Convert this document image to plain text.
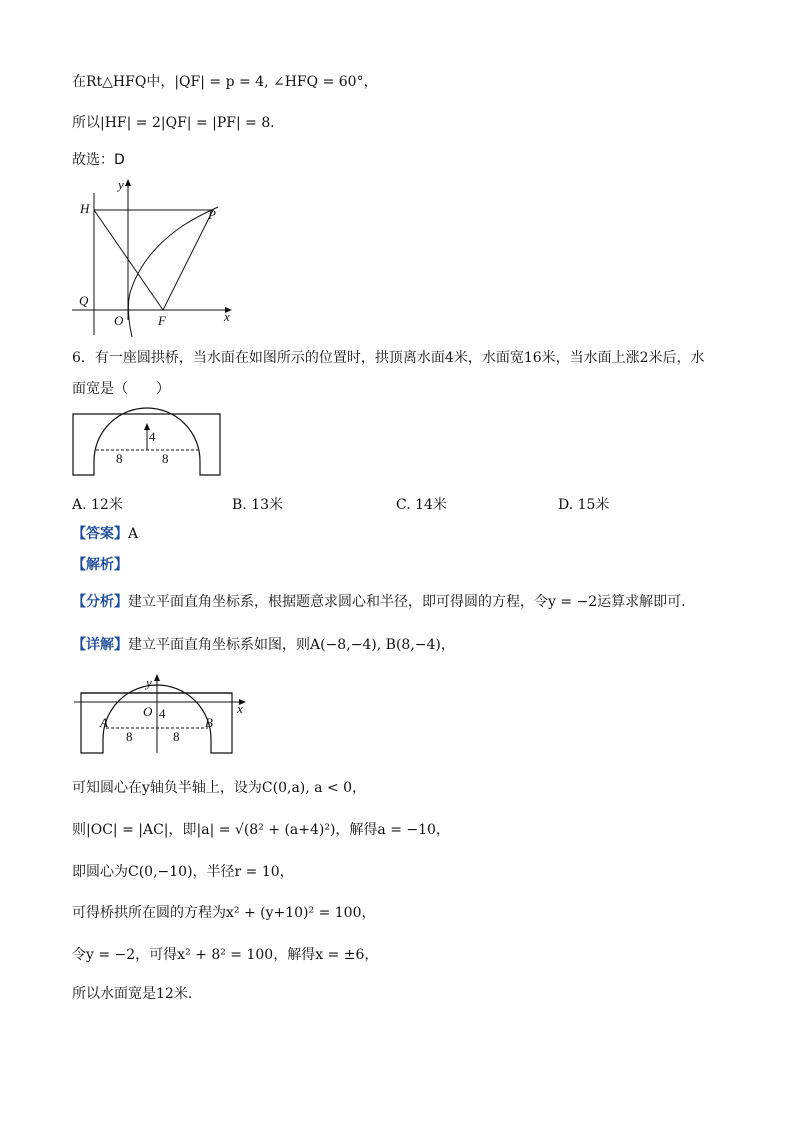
在Rt△HFQ中，|QF| = p = 4, ∠HFQ = 60°，
所以|HF| = 2|QF| = |PF| = 8．
故选：D
y
H	P
Q
O	F	x
6．有一座圆拱桥，当水面在如图所示的位置时，拱顶离水面4米，水面宽16米，当水面上涨2米后，水
面宽是（　　）
4
8	8
A. 12米	B. 13米	C. 14米	D. 15米
【答案】A
【解析】
【分析】建立平面直角坐标系，根据题意求圆心和半径，即可得圆的方程，令y = −2运算求解即可.
【详解】建立平面直角坐标系如图，则A(−8,−4), B(8,−4)，
y
x
O 4
A	B
8	8
可知圆心在y轴负半轴上，设为C(0,a), a < 0，
则|OC| = |AC|，即|a| = √(8² + (a+4)²)，解得a = −10，
即圆心为C(0,−10)，半径r = 10，
可得桥拱所在圆的方程为x² + (y+10)² = 100，
令y = −2，可得x² + 8² = 100，解得x = ±6，
所以水面宽是12米.
